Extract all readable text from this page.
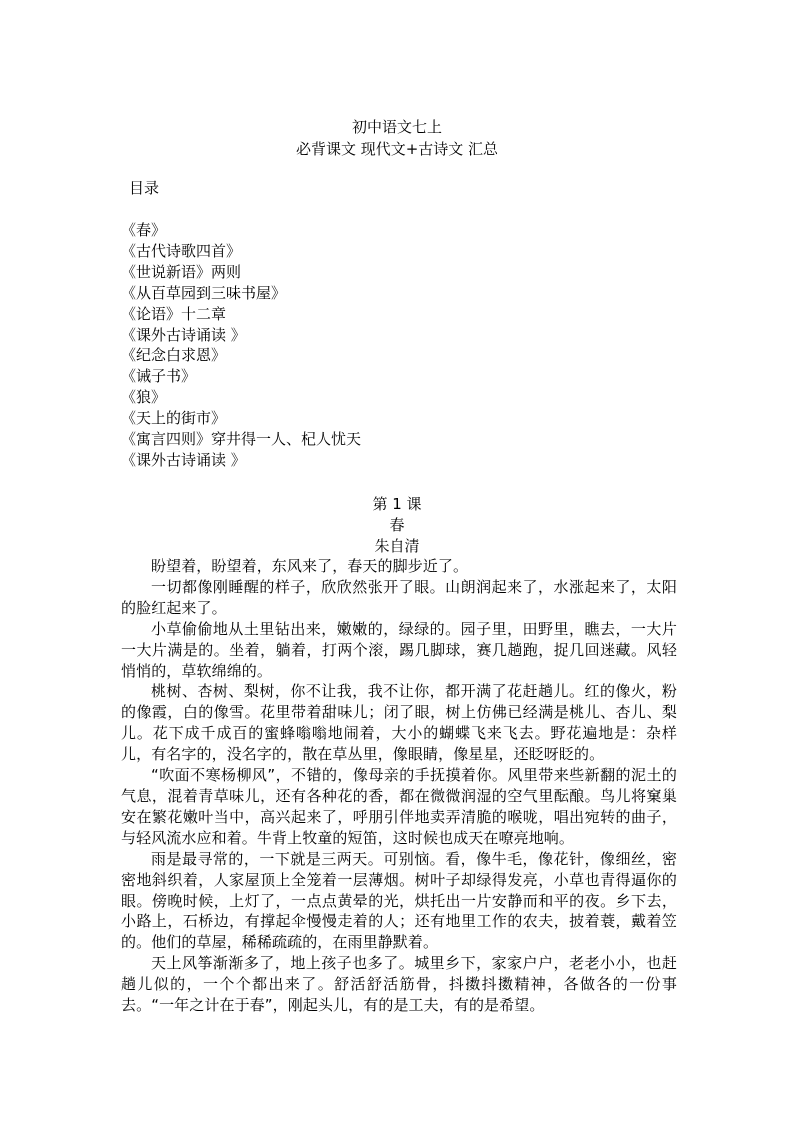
初中语文七上
必背课文 现代文+古诗文 汇总
目录
《春》
《古代诗歌四首》
《世说新语》两则
《从百草园到三味书屋》
《论语》十二章
《课外古诗诵读 》
《纪念白求恩》
《诫子书》
《狼》
《天上的街市》
《寓言四则》穿井得一人、杞人忧天
《课外古诗诵读 》
第 1 课
春
朱自清

盼望着，盼望着，东风来了，春天的脚步近了。

一切都像刚睡醒的样子，欣欣然张开了眼。山朗润起来了，水涨起来了，太阳的脸红起来了。

小草偷偷地从土里钻出来，嫩嫩的，绿绿的。园子里，田野里，瞧去，一大片一大片满是的。坐着，躺着，打两个滚，踢几脚球，赛几趟跑，捉几回迷藏。风轻悄悄的，草软绵绵的。

桃树、杏树、梨树，你不让我，我不让你，都开满了花赶趟儿。红的像火，粉的像霞，白的像雪。花里带着甜味儿；闭了眼，树上仿佛已经满是桃儿、杏儿、梨儿。花下成千成百的蜜蜂嗡嗡地闹着，大小的蝴蝶飞来飞去。野花遍地是：杂样儿，有名字的，没名字的，散在草丛里，像眼睛，像星星，还眨呀眨的。

“吹面不寒杨柳风”，不错的，像母亲的手抚摸着你。风里带来些新翻的泥土的气息，混着青草味儿，还有各种花的香，都在微微润湿的空气里酝酿。鸟儿将窠巢安在繁花嫩叶当中，高兴起来了，呼朋引伴地卖弄清脆的喉咙，唱出宛转的曲子，与轻风流水应和着。牛背上牧童的短笛，这时候也成天在嘹亮地响。

雨是最寻常的，一下就是三两天。可别恼。看，像牛毛，像花针，像细丝，密密地斜织着，人家屋顶上全笼着一层薄烟。树叶子却绿得发亮，小草也青得逼你的眼。傍晚时候，上灯了，一点点黄晕的光，烘托出一片安静而和平的夜。乡下去，小路上，石桥边，有撑起伞慢慢走着的人；还有地里工作的农夫，披着蓑，戴着笠的。他们的草屋，稀稀疏疏的，在雨里静默着。

天上风筝渐渐多了，地上孩子也多了。城里乡下，家家户户，老老小小，也赶趟儿似的，一个个都出来了。舒活舒活筋骨，抖擞抖擞精神，各做各的一份事去。“一年之计在于春”，刚起头儿，有的是工夫，有的是希望。
